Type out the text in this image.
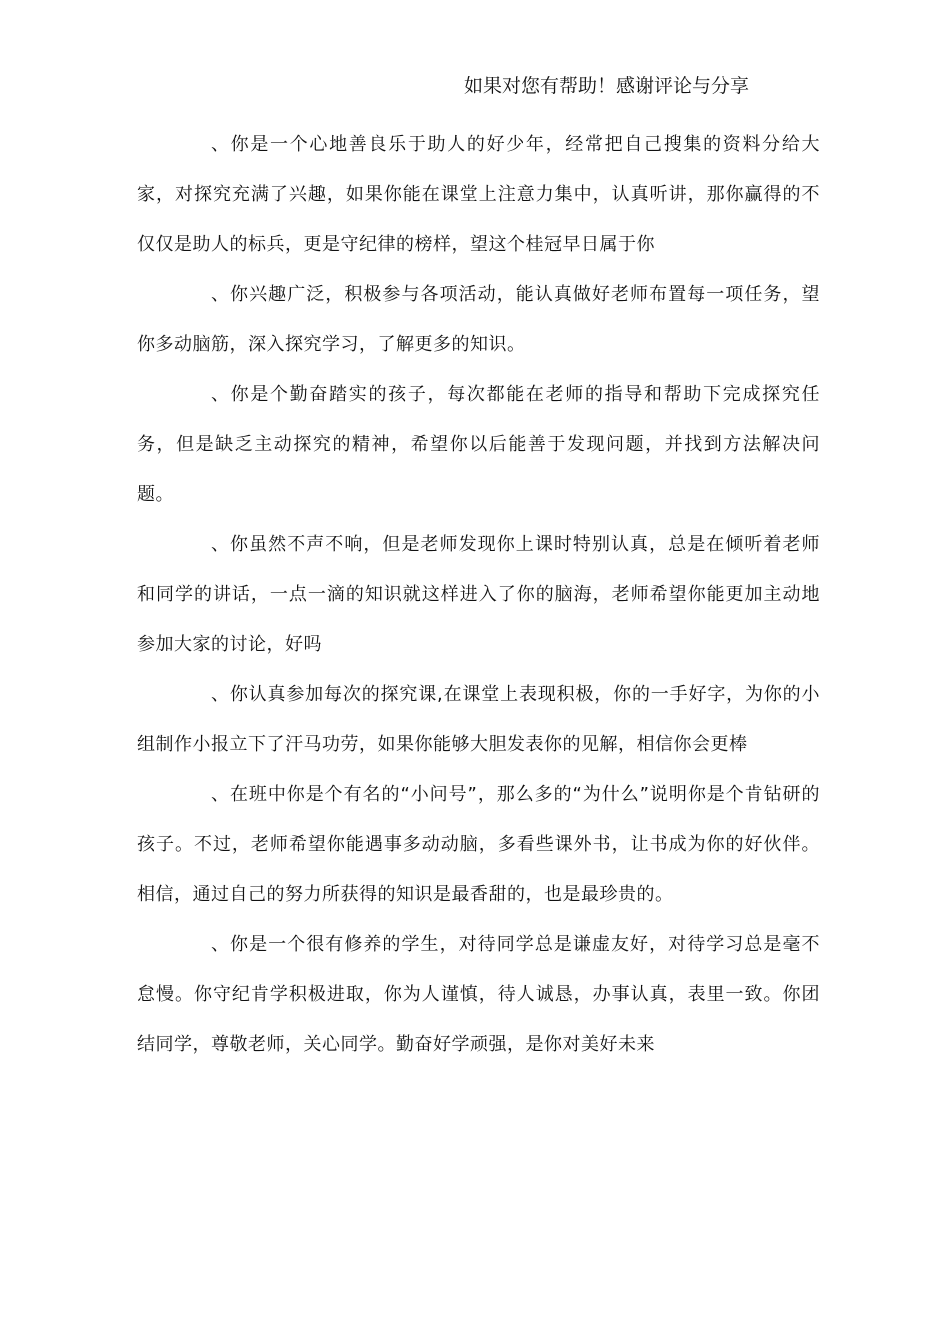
如果对您有帮助！感谢评论与分享

、你是一个心地善良乐于助人的好少年，经常把自己搜集的资料分给大家，对探究充满了兴趣，如果你能在课堂上注意力集中，认真听讲，那你赢得的不仅仅是助人的标兵，更是守纪律的榜样，望这个桂冠早日属于你

、你兴趣广泛，积极参与各项活动，能认真做好老师布置每一项任务，望你多动脑筋，深入探究学习，了解更多的知识。

、你是个勤奋踏实的孩子，每次都能在老师的指导和帮助下完成探究任务，但是缺乏主动探究的精神，希望你以后能善于发现问题，并找到方法解决问题。

、你虽然不声不响，但是老师发现你上课时特别认真，总是在倾听着老师和同学的讲话，一点一滴的知识就这样进入了你的脑海，老师希望你能更加主动地参加大家的讨论，好吗

、你认真参加每次的探究课,在课堂上表现积极，你的一手好字，为你的小组制作小报立下了汗马功劳，如果你能够大胆发表你的见解，相信你会更棒

、在班中你是个有名的“小问号”，那么多的“为什么”说明你是个肯钻研的孩子。不过，老师希望你能遇事多动动脑，多看些课外书，让书成为你的好伙伴。相信，通过自己的努力所获得的知识是最香甜的，也是最珍贵的。

、你是一个很有修养的学生，对待同学总是谦虚友好，对待学习总是毫不怠慢。你守纪肯学积极进取，你为人谨慎，待人诚恳，办事认真，表里一致。你团结同学，尊敬老师，关心同学。勤奋好学顽强，是你对美好未来
